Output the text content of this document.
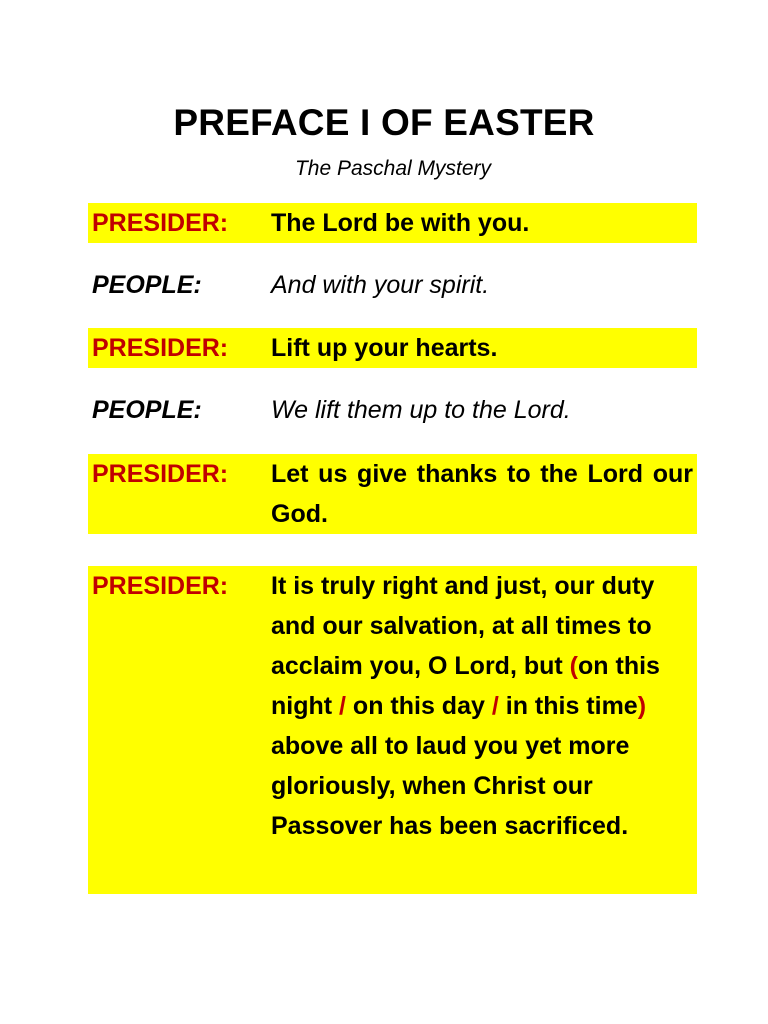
PREFACE I OF EASTER
The Paschal Mystery
PRESIDER: The Lord be with you.
PEOPLE:	And with your spirit.
PRESIDER: Lift up your hearts.
PEOPLE:	We lift them up to the Lord.
PRESIDER: Let us give thanks to the Lord our God.
PRESIDER: It is truly right and just, our duty and our salvation, at all times to acclaim you, O Lord, but (on this night / on this day / in this time) above all to laud you yet more gloriously, when Christ our Passover has been sacrificed.
